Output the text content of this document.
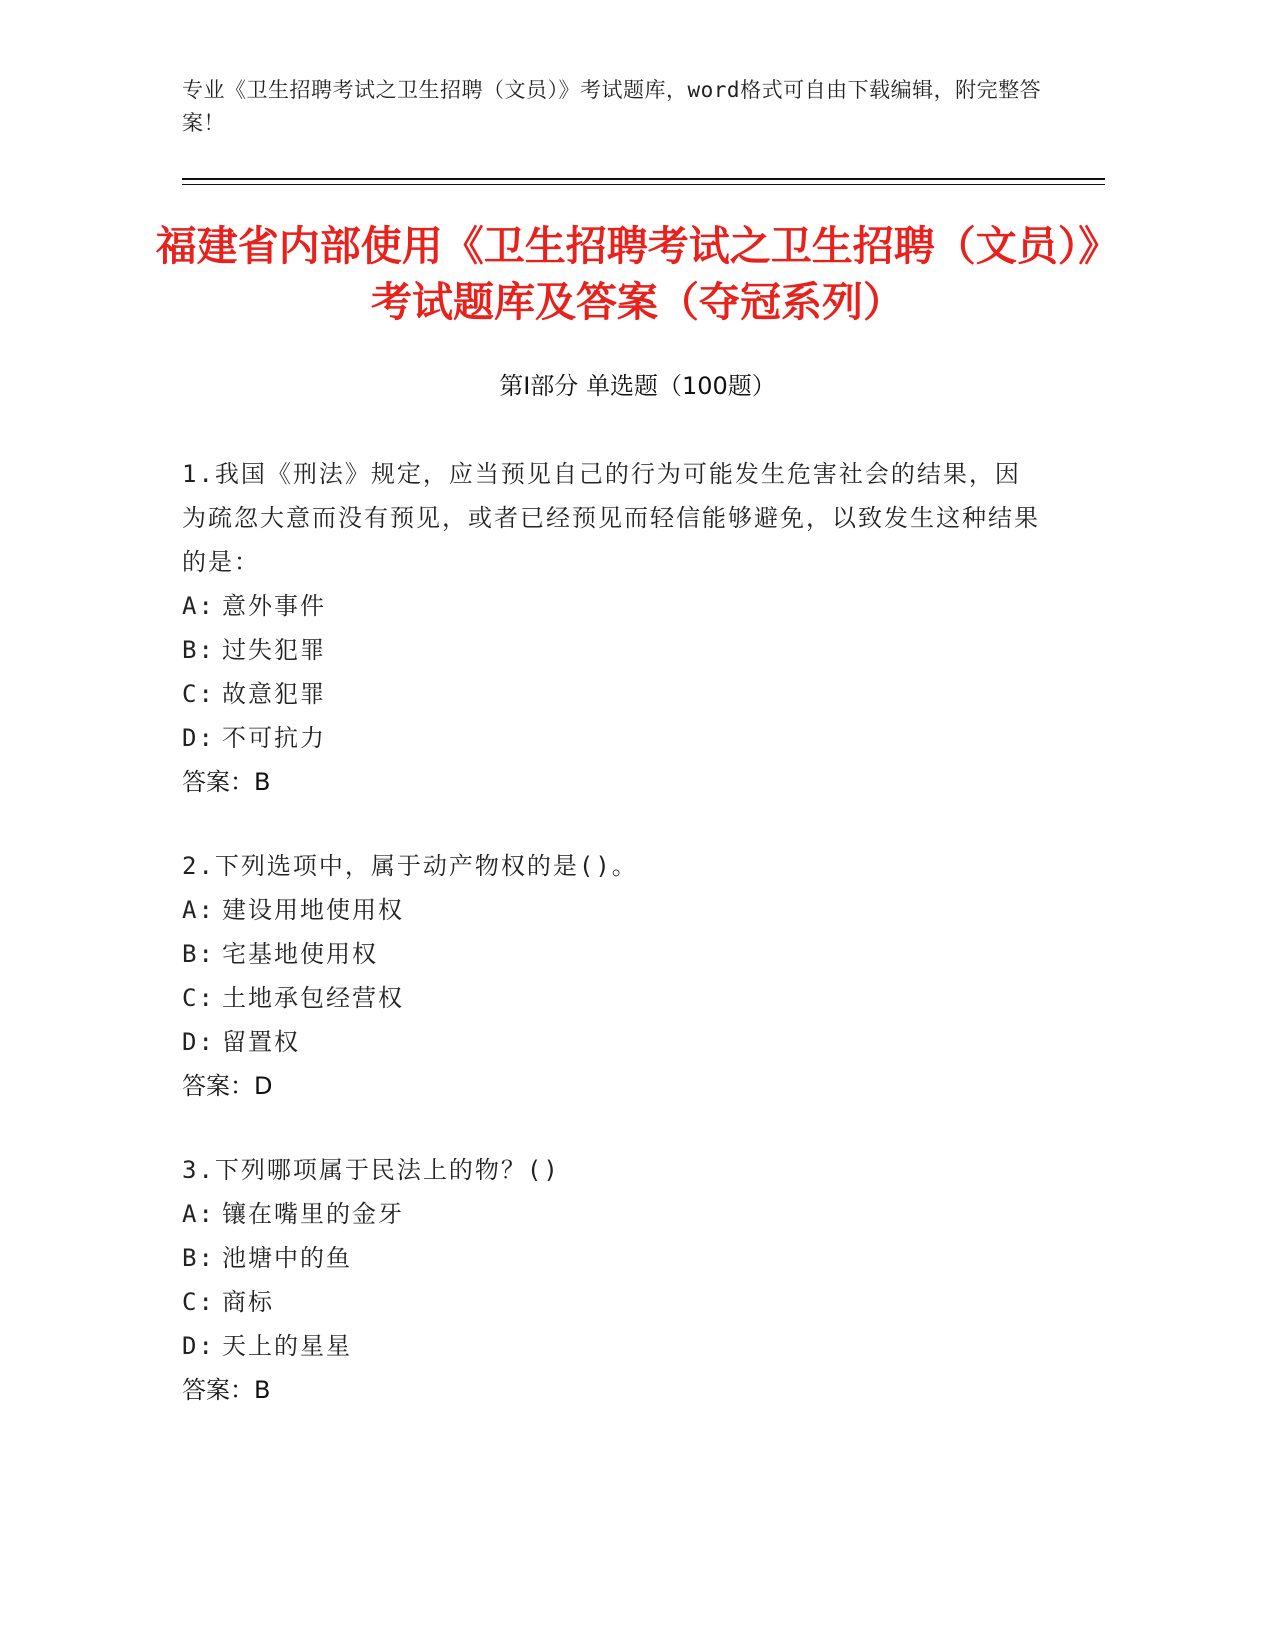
专业《卫生招聘考试之卫生招聘（文员）》考试题库，word格式可自由下载编辑，附完整答案！
福建省内部使用《卫生招聘考试之卫生招聘（文员）》考试题库及答案（夺冠系列）
第I部分 单选题（100题）
1.我国《刑法》规定，应当预见自己的行为可能发生危害社会的结果，因为疏忽大意而没有预见，或者已经预见而轻信能够避免，以致发生这种结果的是：
A: 意外事件
B: 过失犯罪
C: 故意犯罪
D: 不可抗力
答案：B
2.下列选项中，属于动产物权的是()。
A: 建设用地使用权
B: 宅基地使用权
C: 土地承包经营权
D: 留置权
答案：D
3.下列哪项属于民法上的物？()
A: 镶在嘴里的金牙
B: 池塘中的鱼
C: 商标
D: 天上的星星
答案：B
